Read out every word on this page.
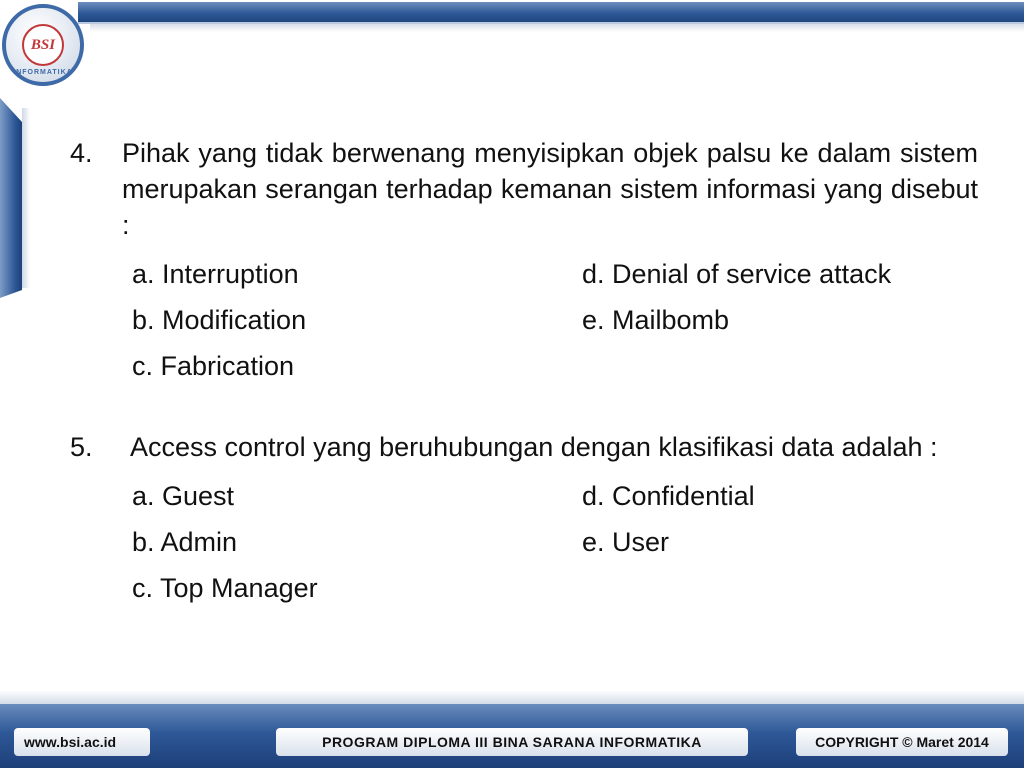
BSI
INFORMATIKA
4. Pihak yang tidak berwenang menyisipkan objek palsu ke dalam sistem merupakan serangan terhadap kemanan sistem informasi yang disebut :
a. Interruption	d. Denial of service attack
b. Modification	e. Mailbomb
c. Fabrication
5. Access control yang beruhubungan dengan klasifikasi data adalah :
a. Guest	d. Confidential
b. Admin	e. User
c. Top Manager
www.bsi.ac.id	PROGRAM DIPLOMA III BINA SARANA INFORMATIKA	COPYRIGHT © Maret 2014
